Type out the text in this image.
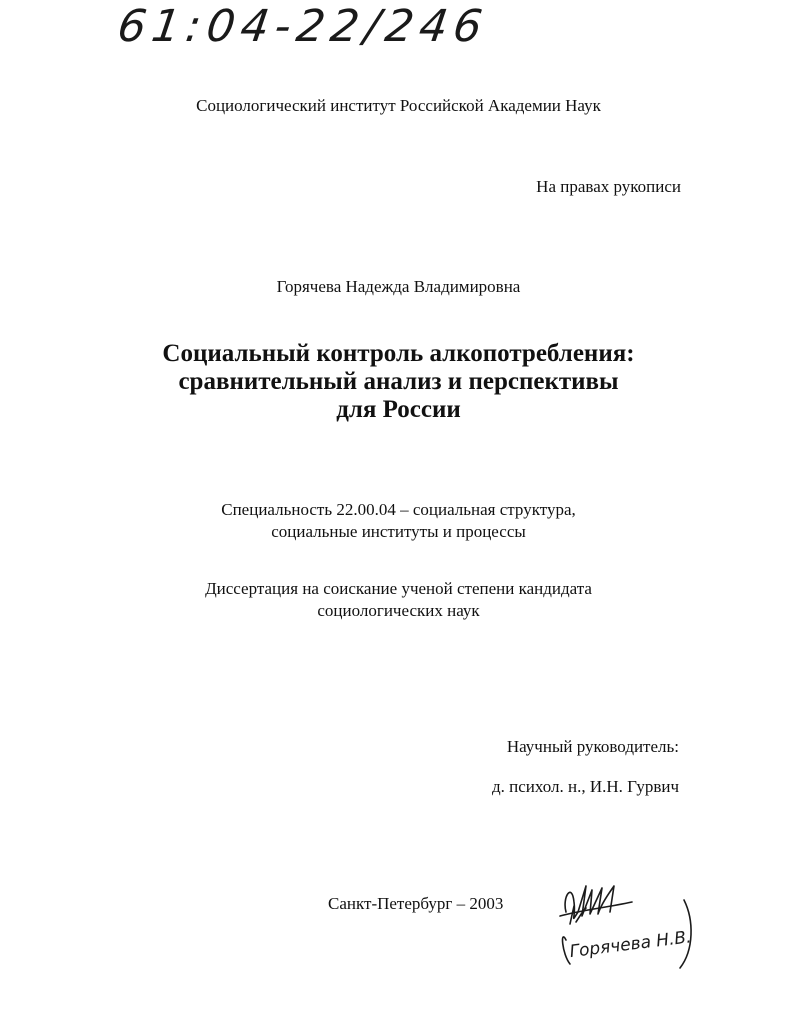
61:04-22/246
Социологический институт Российской Академии Наук
На правах рукописи
Горячева Надежда Владимировна
Социальный контроль алкопотребления:
сравнительный анализ и перспективы
для России
Специальность 22.00.04 – социальная структура,
социальные институты и процессы
Диссертация на соискание ученой степени кандидата
социологических наук
Научный руководитель:
д. психол. н., И.Н. Гурвич
Санкт-Петербург – 2003
Горячева Н.В.
